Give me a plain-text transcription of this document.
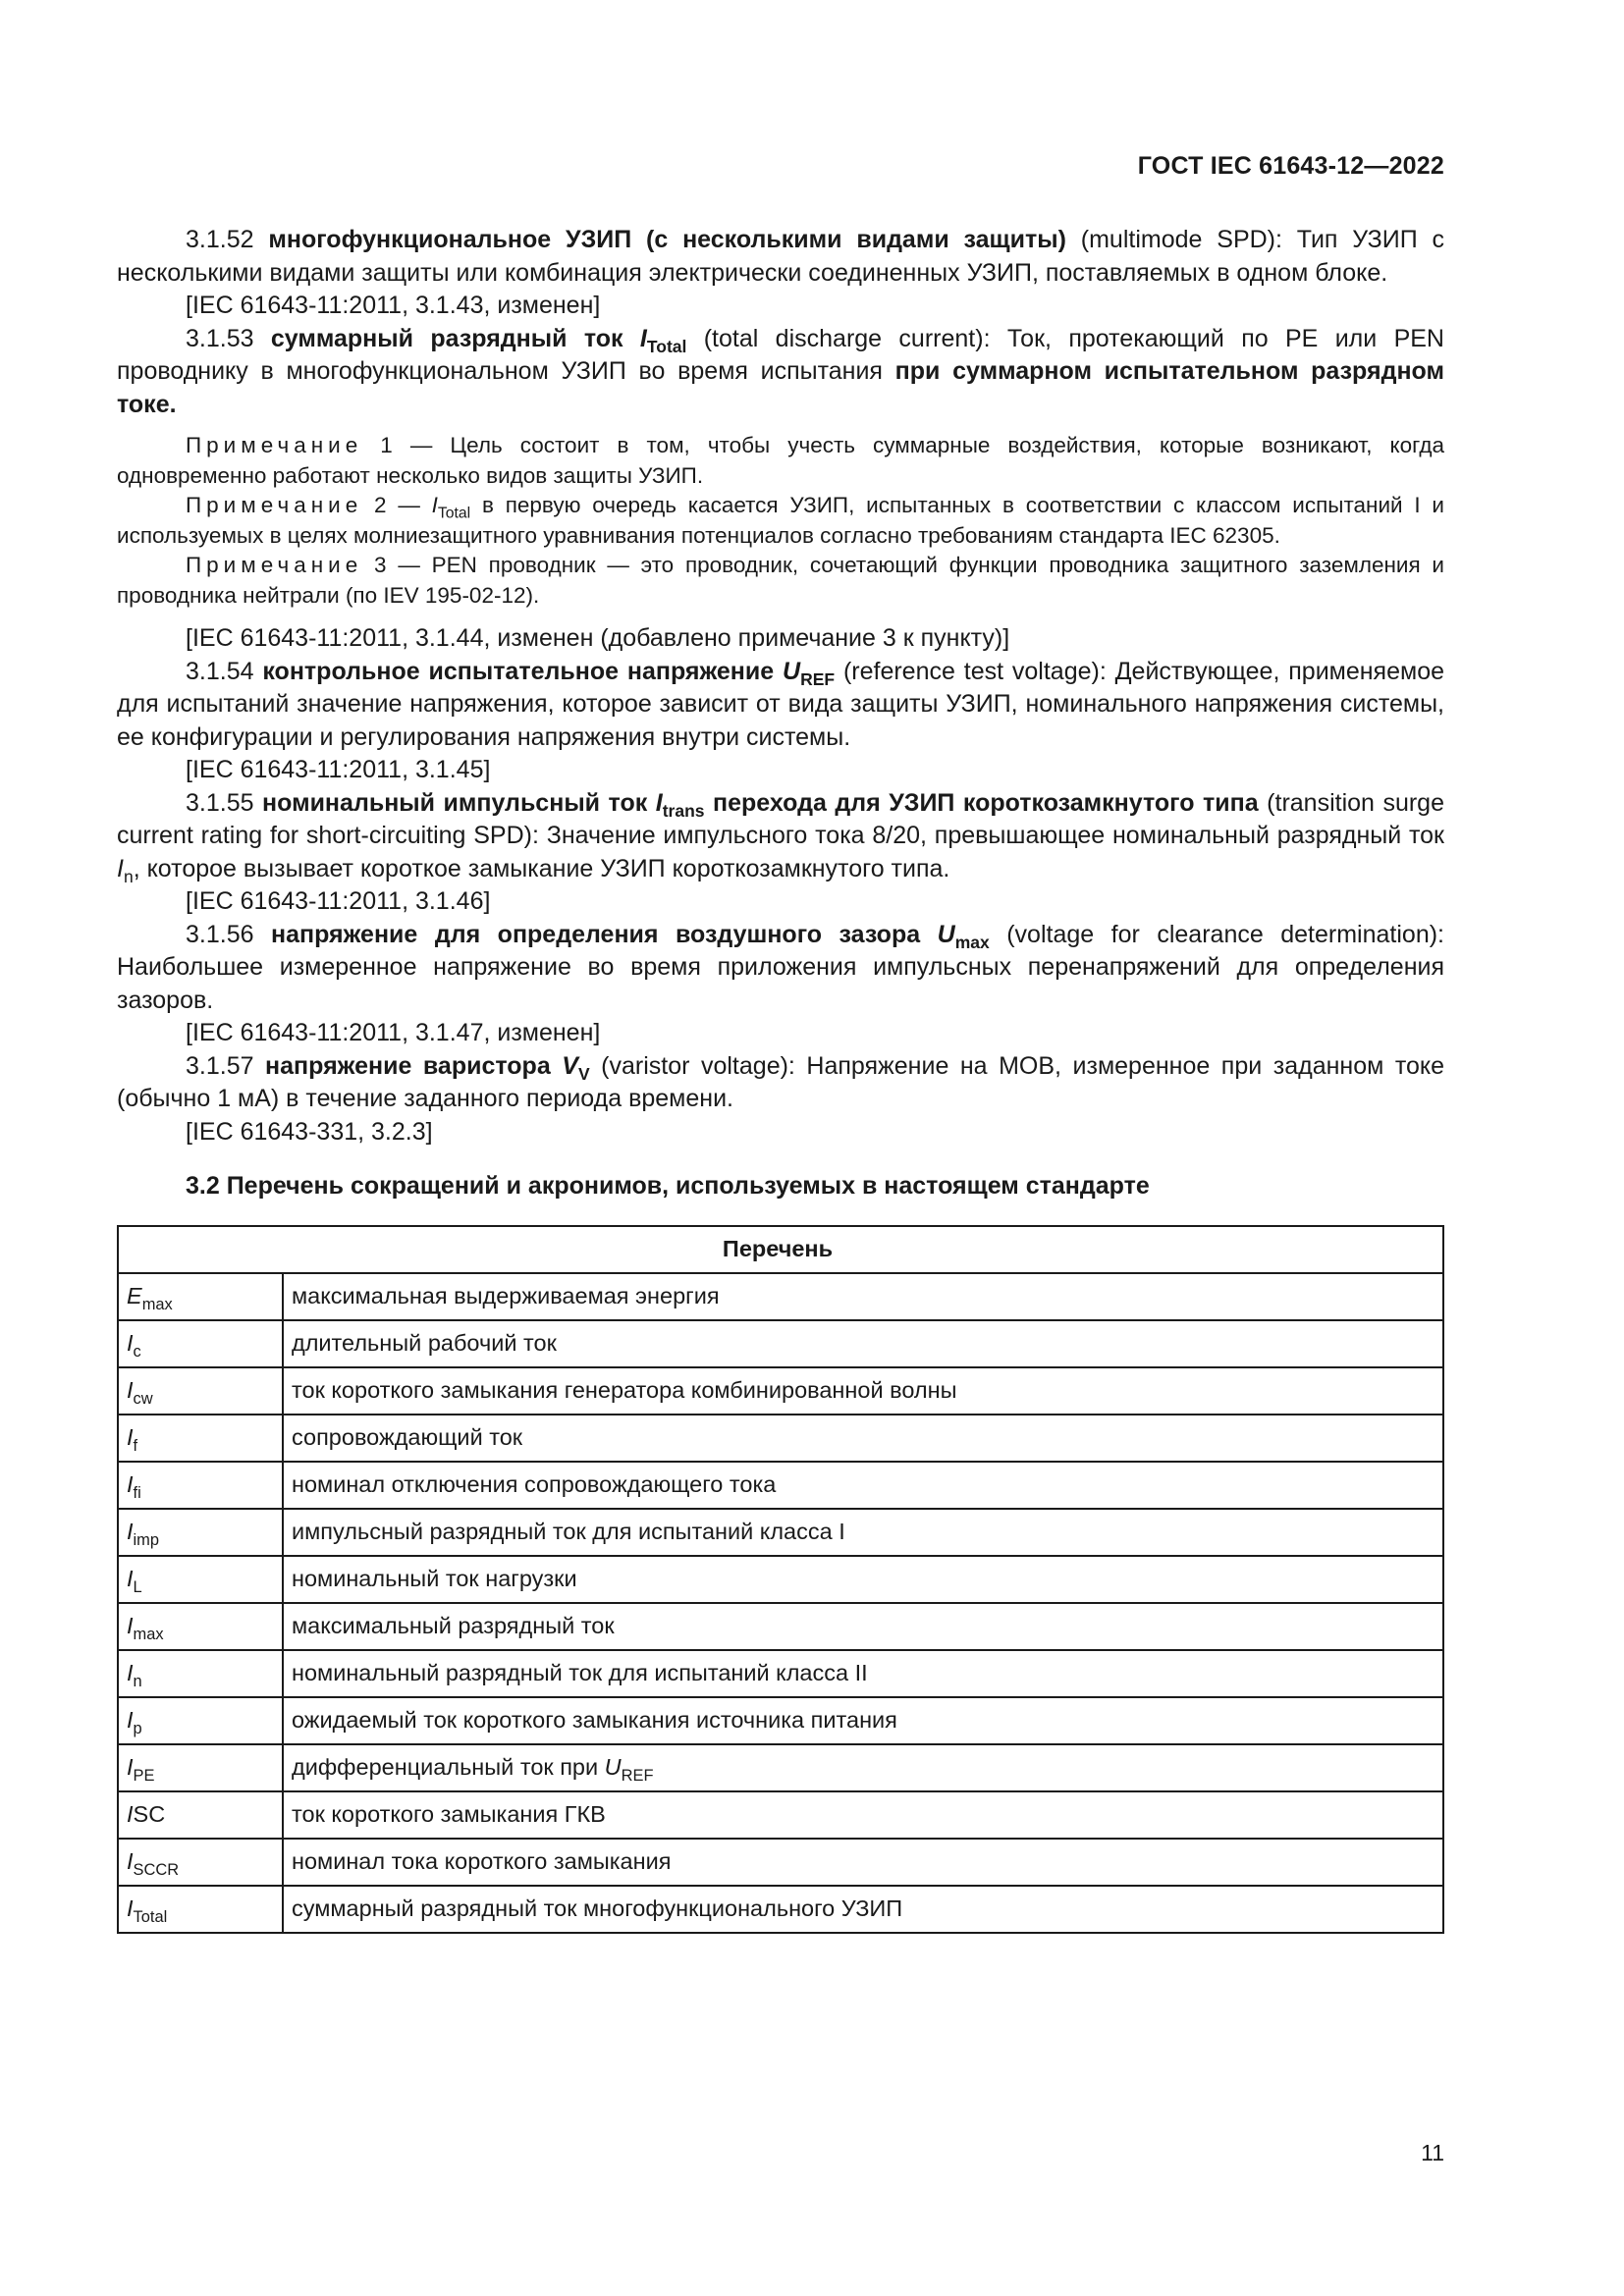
ГОСТ IEC 61643-12—2022

3.1.52 многофункциональное УЗИП (с несколькими видами защиты) (multimode SPD): Тип УЗИП с несколькими видами защиты или комбинация электрически соединенных УЗИП, поставляемых в одном блоке.

[IEC 61643-11:2011, 3.1.43, изменен]

3.1.53 суммарный разрядный ток $I_{Total}$ (total discharge current): Ток, протекающий по PE или PEN проводнику в многофункциональном УЗИП во время испытания при суммарном испытательном разрядном токе.

Примечание 1 — Цель состоит в том, чтобы учесть суммарные воздействия, которые возникают, когда одновременно работают несколько видов защиты УЗИП.

Примечание 2 — $I_{Total}$ в первую очередь касается УЗИП, испытанных в соответствии с классом испытаний I и используемых в целях молниезащитного уравнивания потенциалов согласно требованиям стандарта IEC 62305.

Примечание 3 — PEN проводник — это проводник, сочетающий функции проводника защитного заземления и проводника нейтрали (по IEV 195-02-12).

[IEC 61643-11:2011, 3.1.44, изменен (добавлено примечание 3 к пункту)]

3.1.54 контрольное испытательное напряжение $U_{REF}$ (reference test voltage): Действующее, применяемое для испытаний значение напряжения, которое зависит от вида защиты УЗИП, номинального напряжения системы, ее конфигурации и регулирования напряжения внутри системы.

[IEC 61643-11:2011, 3.1.45]

3.1.55 номинальный импульсный ток $I_{trans}$ перехода для УЗИП короткозамкнутого типа (transition surge current rating for short-circuiting SPD): Значение импульсного тока 8/20, превышающее номинальный разрядный ток $I_n$, которое вызывает короткое замыкание УЗИП короткозамкнутого типа.

[IEC 61643-11:2011, 3.1.46]

3.1.56 напряжение для определения воздушного зазора $U_{max}$ (voltage for clearance determination): Наибольшее измеренное напряжение во время приложения импульсных перенапряжений для определения зазоров.

[IEC 61643-11:2011, 3.1.47, изменен]

3.1.57 напряжение варистора $V_V$ (varistor voltage): Напряжение на MOB, измеренное при заданном токе (обычно 1 мА) в течение заданного периода времени.

[IEC 61643-331, 3.2.3]

3.2 Перечень сокращений и акронимов, используемых в настоящем стандарте
Перечень	
$E_{max}$	максимальная выдерживаемая энергия
$I_c$	длительный рабочий ток
$I_{cw}$	ток короткого замыкания генератора комбинированной волны
$I_f$	сопровождающий ток
$I_{fi}$	номинал отключения сопровождающего тока
$I_{imp}$	импульсный разрядный ток для испытаний класса I
$I_L$	номинальный ток нагрузки
$I_{max}$	максимальный разрядный ток
$I_n$	номинальный разрядный ток для испытаний класса II
$I_p$	ожидаемый ток короткого замыкания источника питания
$I_{PE}$	дифференциальный ток при $U_{REF}$
ISC	ток короткого замыкания ГКВ
$I_{SCCR}$	номинал тока короткого замыкания
$I_{Total}$	суммарный разрядный ток многофункционального УЗИП
11
